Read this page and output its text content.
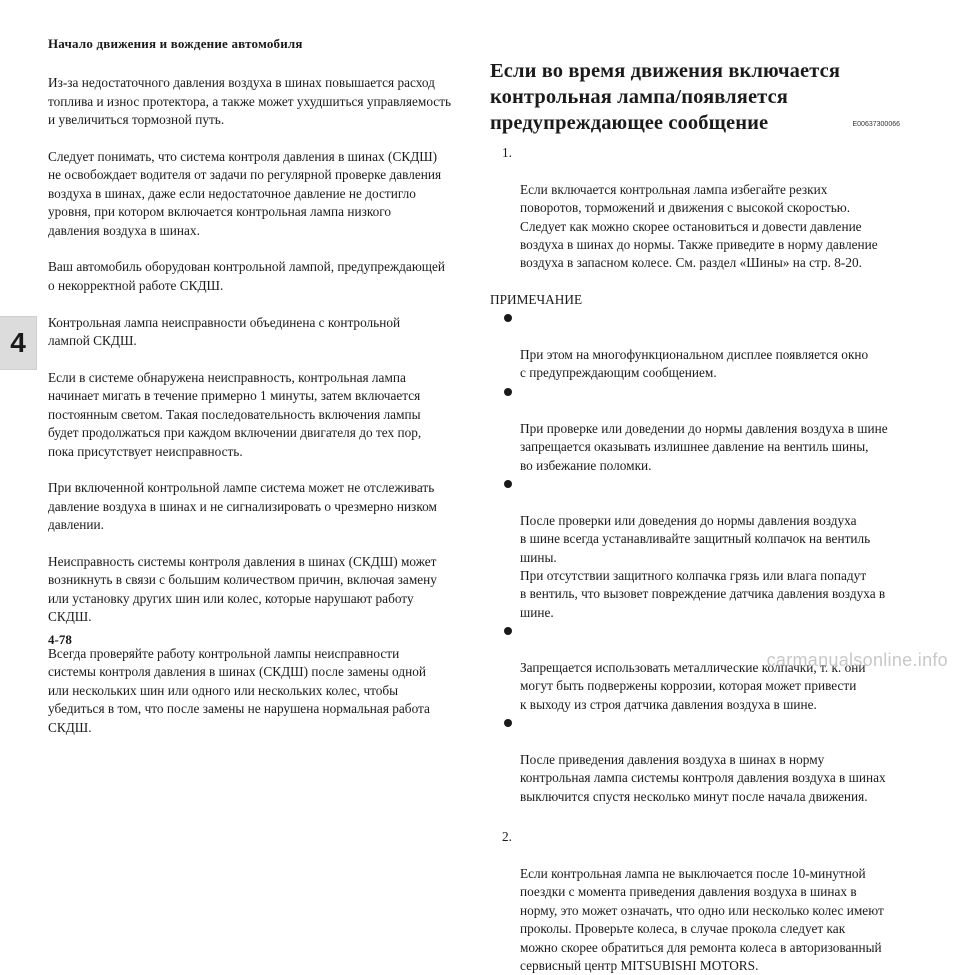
Начало движения и вождение автомобиля
4

Из-за недостаточного давления воздуха в шинах повышается расход
топлива и износ протектора, а также может ухудшиться управляемость
и увеличиться тормозной путь.

Следует понимать, что система контроля давления в шинах (СКДШ)
не освобождает водителя от задачи по регулярной проверке давления
воздуха в шинах, даже если недостаточное давление не достигло
уровня, при котором включается контрольная лампа низкого
давления воздуха в шинах.

Ваш автомобиль оборудован контрольной лампой, предупреждающей
о некорректной работе СКДШ.

Контрольная лампа неисправности объединена с контрольной
лампой СКДШ.

Если в системе обнаружена неисправность, контрольная лампа
начинает мигать в течение примерно 1 минуты, затем включается
постоянным светом. Такая последовательность включения лампы
будет продолжаться при каждом включении двигателя до тех пор,
пока присутствует неисправность.

При включенной контрольной лампе система может не отслеживать
давление воздуха в шинах и не сигнализировать о чрезмерно низком
давлении.

Неисправность системы контроля давления в шинах (СКДШ) может
возникнуть в связи с большим количеством причин, включая замену
или установку других шин или колес, которые нарушают работу
СКДШ.

Всегда проверяйте работу контрольной лампы неисправности
системы контроля давления в шинах (СКДШ) после замены одной
или нескольких шин или одного или нескольких колес, чтобы
убедиться в том, что после замены не нарушена нормальная работа
СКДШ.

Если во время движения включается
контрольная лампа/появляется
предупреждающее сообщение	E00637300066

1.

Если включается контрольная лампа избегайте резких
поворотов, торможений и движения с высокой скоростью.
Следует как можно скорее остановиться и довести давление
воздуха в шинах до нормы. Также приведите в норму давление
воздуха в запасном колесе. См. раздел «Шины» на стр. 8-20.

ПРИМЕЧАНИЕ

При этом на многофункциональном дисплее появляется окно
с предупреждающим сообщением.

При проверке или доведении до нормы давления воздуха в шине
запрещается оказывать излишнее давление на вентиль шины,
во избежание поломки.

После проверки или доведения до нормы давления воздуха
в шине всегда устанавливайте защитный колпачок на вентиль
шины.
При отсутствии защитного колпачка грязь или влага попадут
в вентиль, что вызовет повреждение датчика давления воздуха в
шине.

Запрещается использовать металлические колпачки, т. к. они
могут быть подвержены коррозии, которая может привести
к выходу из строя датчика давления воздуха в шине.

После приведения давления воздуха в шинах в норму
контрольная лампа системы контроля давления воздуха в шинах
выключится спустя несколько минут после начала движения.

2.

Если контрольная лампа не выключается после 10-минутной
поездки с момента приведения давления воздуха в шинах в
норму, это может означать, что одно или несколько колес имеют
проколы. Проверьте колеса, в случае прокола следует как
можно скорее обратиться для ремонта колеса в авторизованный
сервисный центр MITSUBISHI MOTORS.

4-78
carmanualsonline.info
